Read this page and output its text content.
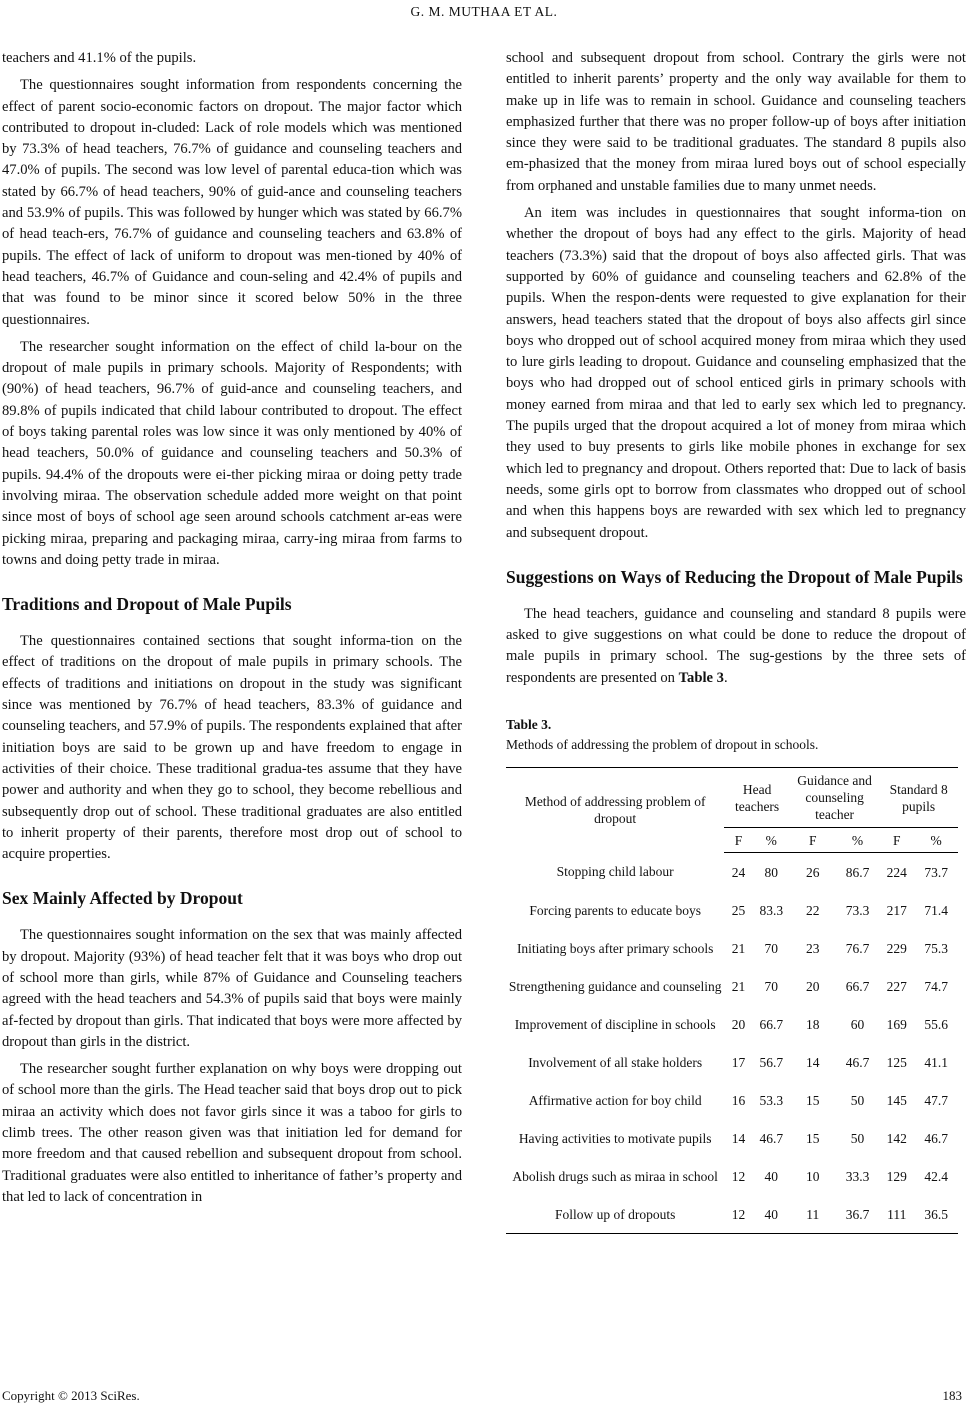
G. M. MUTHAA ET AL.

teachers and 41.1% of the pupils.

The questionnaires sought information from respondents concerning the effect of parent socio-economic factors on dropout. The major factor which contributed to dropout in-cluded: Lack of role models which was mentioned by 73.3% of head teachers, 76.7% of guidance and counseling teachers and 47.0% of pupils. The second was low level of parental educa-tion which was stated by 66.7% of head teachers, 90% of guid-ance and counseling teachers and 53.9% of pupils. This was followed by hunger which was stated by 66.7% of head teach-ers, 76.7% of guidance and counseling teachers and 63.8% of pupils. The effect of lack of uniform to dropout was men-tioned by 40% of head teachers, 46.7% of Guidance and coun-seling and 42.4% of pupils and that was found to be minor since it scored below 50% in the three questionnaires.

The researcher sought information on the effect of child la-bour on the dropout of male pupils in primary schools. Majority of Respondents; with (90%) of head teachers, 96.7% of guid-ance and counseling teachers, and 89.8% of pupils indicated that child labour contributed to dropout. The effect of boys taking parental roles was low since it was only mentioned by 40% of head teachers, 50.0% of guidance and counseling teachers and 50.3% of pupils. 94.4% of the dropouts were ei-ther picking miraa or doing petty trade involving miraa. The observation schedule added more weight on that point since most of boys of school age seen around schools catchment ar-eas were picking miraa, preparing and packaging miraa, carry-ing miraa from farms to towns and doing petty trade in miraa.

Traditions and Dropout of Male Pupils

The questionnaires contained sections that sought informa-tion on the effect of traditions on the dropout of male pupils in primary schools. The effects of traditions and initiations on dropout in the study was significant since was mentioned by 76.7% of head teachers, 83.3% of guidance and counseling teachers, and 57.9% of pupils. The respondents explained that after initiation boys are said to be grown up and have freedom to engage in activities of their choice. These traditional gradua-tes assume that they have power and authority and when they go to school, they become rebellious and subsequently drop out of school. These traditional graduates are also entitled to inherit property of their parents, therefore most drop out of school to acquire properties.

Sex Mainly Affected by Dropout

The questionnaires sought information on the sex that was mainly affected by dropout. Majority (93%) of head teacher felt that it was boys who drop out of school more than girls, while 87% of Guidance and Counseling teachers agreed with the head teachers and 54.3% of pupils said that boys were mainly af-fected by dropout than girls. That indicated that boys were more affected by dropout than girls in the district.

The researcher sought further explanation on why boys were dropping out of school more than the girls. The Head teacher said that boys drop out to pick miraa an activity which does not favor girls since it was a taboo for girls to climb trees. The other reason given was that initiation led for demand for more freedom and that caused rebellion and subsequent dropout from school. Traditional graduates were also entitled to inheritance of father’s property and that led to lack of concentration in

school and subsequent dropout from school. Contrary the girls were not entitled to inherit parents’ property and the only way available for them to make up in life was to remain in school. Guidance and counseling teachers emphasized further that there was no proper follow-up of boys after initiation since they were said to be traditional graduates. The standard 8 pupils also em-phasized that the money from miraa lured boys out of school especially from orphaned and unstable families due to many unmet needs.

An item was includes in questionnaires that sought informa-tion on whether the dropout of boys had any effect to the girls. Majority of head teachers (73.3%) said that the dropout of boys also affected girls. That was supported by 60% of guidance and counseling teachers and 62.8% of the pupils. When the respon-dents were requested to give explanation for their answers, head teachers stated that the dropout of boys also affects girl since boys who dropped out of school acquired money from miraa which they used to lure girls leading to dropout. Guidance and counseling emphasized that the boys who had dropped out of school enticed girls in primary schools with money earned from miraa and that led to early sex which led to pregnancy. The pupils urged that the dropout acquired a lot of money from miraa which they used to buy presents to girls like mobile phones in exchange for sex which led to pregnancy and dropout. Others reported that: Due to lack of basis needs, some girls opt to borrow from classmates who dropped out of school and when this happens boys are rewarded with sex which led to pregnancy and subsequent dropout.

Suggestions on Ways of Reducing the Dropout of Male Pupils

The head teachers, guidance and counseling and standard 8 pupils were asked to give suggestions on what could be done to reduce the dropout of male pupils in primary school. The sug-gestions by the three sets of respondents are presented on Table 3.

Table 3.
Methods of addressing the problem of dropout in schools.
Method of addressing problem of dropout	Head teachers		Guidance and counseling teacher		Standard 8 pupils	
	F	%	F	%	F	%
Stopping child labour	24	80	26	86.7	224	73.7
Forcing parents to educate boys	25	83.3	22	73.3	217	71.4
Initiating boys after primary schools	21	70	23	76.7	229	75.3
Strengthening guidance and counseling	21	70	20	66.7	227	74.7
Improvement of discipline in schools	20	66.7	18	60	169	55.6
Involvement of all stake holders	17	56.7	14	46.7	125	41.1
Affirmative action for boy child	16	53.3	15	50	145	47.7
Having activities to motivate pupils	14	46.7	15	50	142	46.7
Abolish drugs such as miraa in school	12	40	10	33.3	129	42.4
Follow up of dropouts	12	40	11	36.7	111	36.5
Copyright © 2013 SciRes.	183
